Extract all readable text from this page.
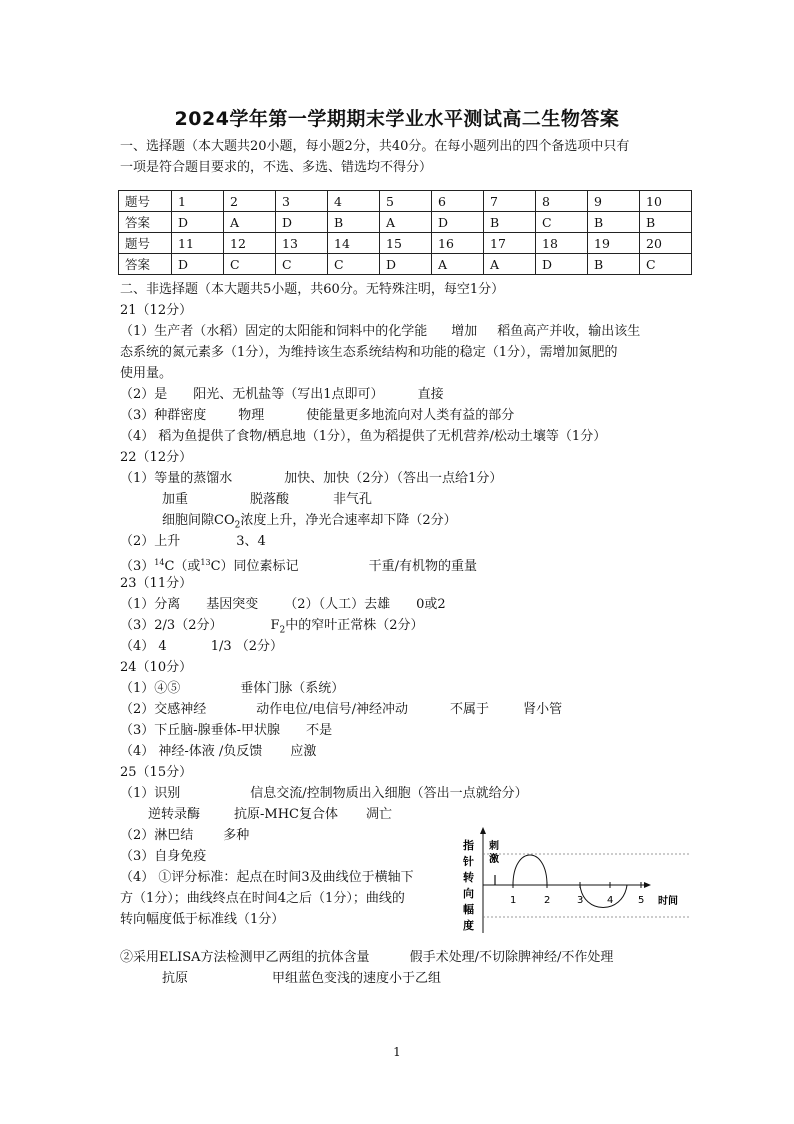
2024学年第一学期期末学业水平测试高二生物答案
一、选择题（本大题共20小题，每小题2分，共40分。在每小题列出的四个备选项中只有
一项是符合题目要求的，不选、多选、错选均不得分）
题号	1	2	3	4	5	6	7	8	9	10
答案	D	A	D	B	A	D	B	C	B	B
题号	11	12	13	14	15	16	17	18	19	20
答案	D	C	C	C	D	A	A	D	B	C
二、非选择题（本大题共5小题，共60分。无特殊注明，每空1分）
21（12分）
（1）生产者（水稻）固定的太阳能和饲料中的化学能 增加 稻鱼高产并收，输出该生
态系统的氮元素多（1分），为维持该生态系统结构和功能的稳定（1分），需增加氮肥的
使用量。
（2）是 阳光、无机盐等（写出1点即可）	直接
（3）种群密度 物理	使能量更多地流向对人类有益的部分
（4） 稻为鱼提供了食物/栖息地（1分），鱼为稻提供了无机营养/松动土壤等（1分）
22（12分）
（1）等量的蒸馏水	加快、加快（2分）（答出一点给1分）
加重	脱落酸	非气孔
细胞间隙$CO_2$浓度上升，净光合速率却下降（2分）
（2）上升	3、4
$(3)^{14}C$（或$^{13}$C）同位素标记	干重/有机物的重量
23（11分）
（1）分离 基因突变 （2）（人工）去雄 0或2
（3）2/3（2分）	$F_2$中的窄叶正常株（2分）
（4） 4	1/3 （2分）
24（10分）
（1）④⑤	垂体门脉（系统）
（2）交感神经	动作电位/电信号/神经冲动	不属于	肾小管
（3）下丘脑-腺垂体-甲状腺 不是
（4） 神经-体液 /负反馈 应激
25（15分）
（1）识别	信息交流/控制物质出入细胞（答出一点就给分）
逆转录酶	抗原-MHC复合体 凋亡
（2）淋巴结 多种
（3）自身免疫
（4） ①评分标准：起点在时间3及曲线位于横轴下
方（1分）；曲线终点在时间4之后（1分）；曲线的
转向幅度低于标准线（1分）
②采用ELISA方法检测甲乙两组的抗体含量	假手术处理/不切除脾神经/不作处理
抗原	甲组蓝色变浅的速度小于乙组
指
针
转
向
幅
度
刺
激
时间
1	2	3 4 5
1
